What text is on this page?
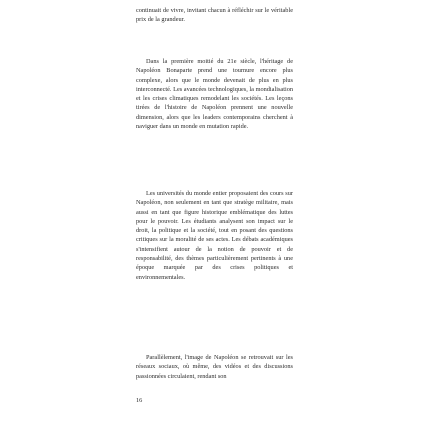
continuait de vivre, invitant chacun à réfléchir sur le véritable prix de la grandeur.

Dans la première moitié du 21e siècle, l'héritage de Napoléon Bonaparte prend une tournure encore plus complexe, alors que le monde devenait de plus en plus interconnecté. Les avancées technologiques, la mondialisation et les crises climatiques remodelant les sociétés. Les leçons tirées de l'histoire de Napoléon prennent une nouvelle dimension, alors que les leaders contemporains cherchent à naviguer dans un monde en mutation rapide.

Les universités du monde entier proposaient des cours sur Napoléon, non seulement en tant que stratège militaire, mais aussi en tant que figure historique emblématique des luttes pour le pouvoir. Les étudiants analysent son impact sur le droit, la politique et la société, tout en posant des questions critiques sur la moralité de ses actes. Les débats académiques s'intensifient autour de la notion de pouvoir et de responsabilité, des thèmes particulièrement pertinents à une époque marquée par des crises politiques et environnementales.

Parallèlement, l'image de Napoléon se retrouvait sur les réseaux sociaux, où même, des vidéos et des discussions passionnées circulaient, rendant son

16
